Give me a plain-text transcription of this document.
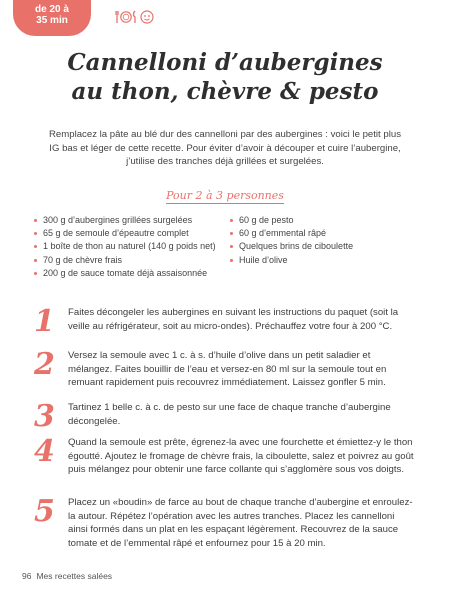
de 20 à
35 min
Cannelloni d’aubergines
au thon, chèvre & pesto

Remplacez la pâte au blé dur des cannelloni par des aubergines : voici le petit plus IG bas et léger de cette recette. Pour éviter d’avoir à découper et cuire l’aubergine, j’utilise des tranches déjà grillées et surgelées.

Pour 2 à 3 personnes
300 g d’aubergines grillées surgelées
65 g de semoule d’épeautre complet
1 boîte de thon au naturel (140 g poids net)
70 g de chèvre frais
200 g de sauce tomate déjà assaisonnée
60 g de pesto
60 g d’emmental râpé
Quelques brins de ciboulette
Huile d’olive
1 Faites décongeler les aubergines en suivant les instructions du paquet (soit la veille au réfrigérateur, soit au micro-ondes). Préchauffez votre four à 200 °C.
2 Versez la semoule avec 1 c. à s. d’huile d’olive dans un petit saladier et mélangez. Faites bouillir de l’eau et versez-en 80 ml sur la semoule tout en remuant rapidement puis recouvrez immédiatement. Laissez gonfler 5 min.
3 Tartinez 1 belle c. à c. de pesto sur une face de chaque tranche d’aubergine décongelée.
4 Quand la semoule est prête, égrenez-la avec une fourchette et émiettez-y le thon égoutté. Ajoutez le fromage de chèvre frais, la ciboulette, salez et poivrez au goût puis mélangez pour obtenir une farce collante qui s’agglomère sous vos doigts.
5 Placez un «boudin» de farce au bout de chaque tranche d’aubergine et enroulez-la autour. Répétez l’opération avec les autres tranches. Placez les cannelloni ainsi formés dans un plat en les espaçant légèrement. Recouvrez de la sauce tomate et de l’emmental râpé et enfournez pour 15 à 20 min.
96 Mes recettes salées
